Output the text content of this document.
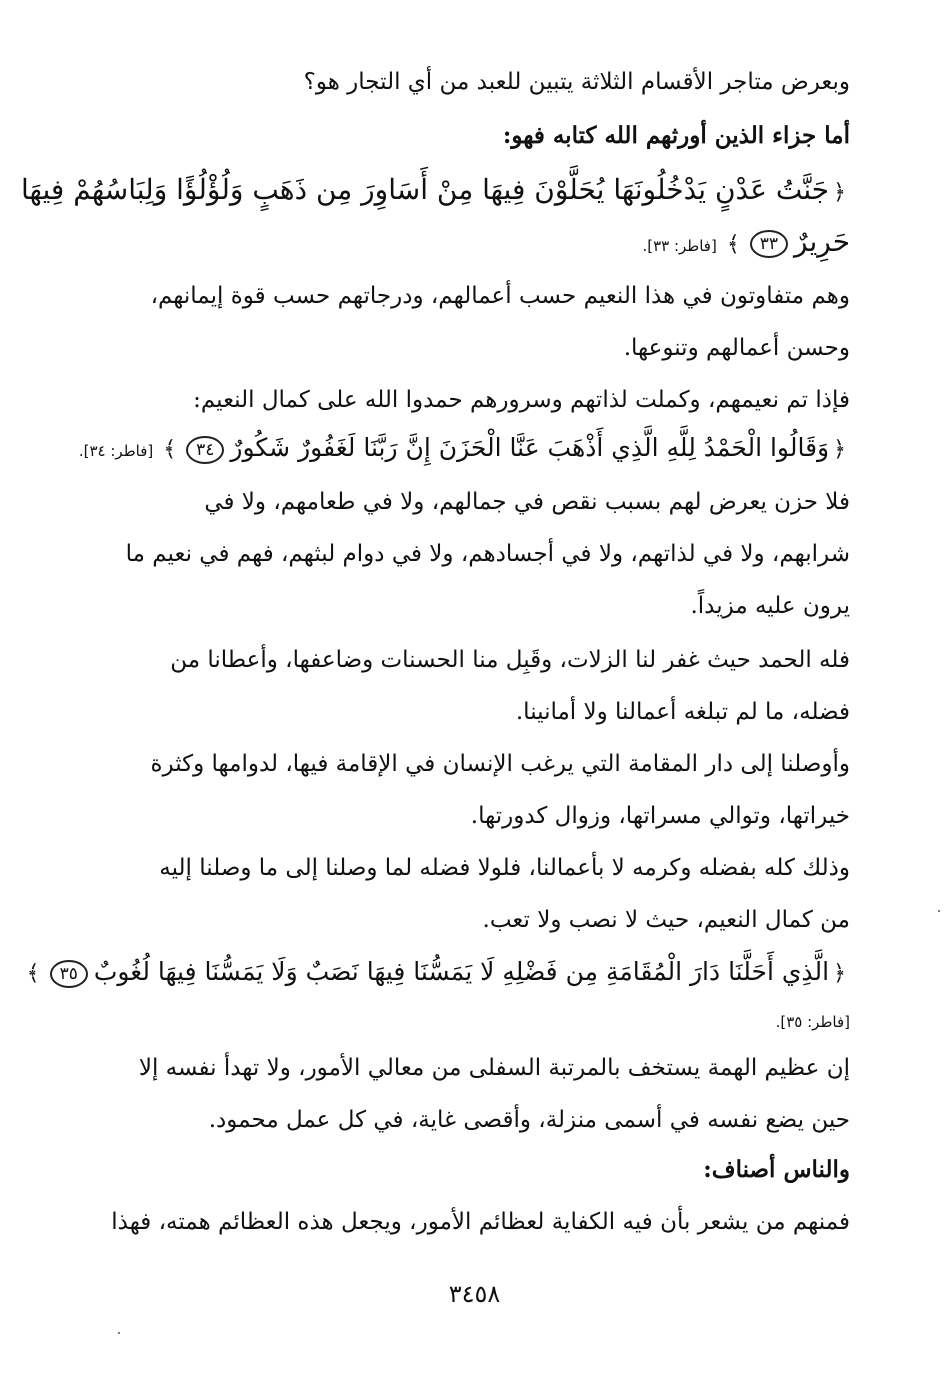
وبعرض متاجر الأقسام الثلاثة يتبين للعبد من أي التجار هو؟
أما جزاء الذين أورثهم الله كتابه فهو:
﴿جَنَّتُ عَدْنٍ يَدْخُلُونَهَا يُحَلَّوْنَ فِيهَا مِنْ أَسَاوِرَ مِن ذَهَبٍ وَلُؤْلُؤًا وَلِبَاسُهُمْ فِيهَا
حَرِيرٌ٣٣﴾[فاطر: ٣٣].
وهم متفاوتون في هذا النعيم حسب أعمالهم، ودرجاتهم حسب قوة إيمانهم،
وحسن أعمالهم وتنوعها.
فإذا تم نعيمهم، وكملت لذاتهم وسرورهم حمدوا الله على كمال النعيم:
﴿وَقَالُوا الْحَمْدُ لِلَّهِ الَّذِي أَذْهَبَ عَنَّا الْحَزَنَ إِنَّ رَبَّنَا لَغَفُورٌ شَكُورٌ٣٤﴾[فاطر: ٣٤].
فلا حزن يعرض لهم بسبب نقص في جمالهم، ولا في طعامهم، ولا في
شرابهم، ولا في لذاتهم، ولا في أجسادهم، ولا في دوام لبثهم، فهم في نعيم ما
يرون عليه مزيداً.
فله الحمد حيث غفر لنا الزلات، وقَبِل منا الحسنات وضاعفها، وأعطانا من
فضله، ما لم تبلغه أعمالنا ولا أمانينا.
وأوصلنا إلى دار المقامة التي يرغب الإنسان في الإقامة فيها، لدوامها وكثرة
خيراتها، وتوالي مسراتها، وزوال كدورتها.
وذلك كله بفضله وكرمه لا بأعمالنا، فلولا فضله لما وصلنا إلى ما وصلنا إليه
من كمال النعيم، حيث لا نصب ولا تعب.
﴿الَّذِي أَحَلَّنَا دَارَ الْمُقَامَةِ مِن فَضْلِهِ لَا يَمَسُّنَا فِيهَا نَصَبٌ وَلَا يَمَسُّنَا فِيهَا لُغُوبٌ٣٥﴾
[فاطر: ٣٥].
إن عظيم الهمة يستخف بالمرتبة السفلى من معالي الأمور، ولا تهدأ نفسه إلا
حين يضع نفسه في أسمى منزلة، وأقصى غاية، في كل عمل محمود.
والناس أصناف:
فمنهم من يشعر بأن فيه الكفاية لعظائم الأمور، ويجعل هذه العظائم همته، فهذا
٣٤٥٨
